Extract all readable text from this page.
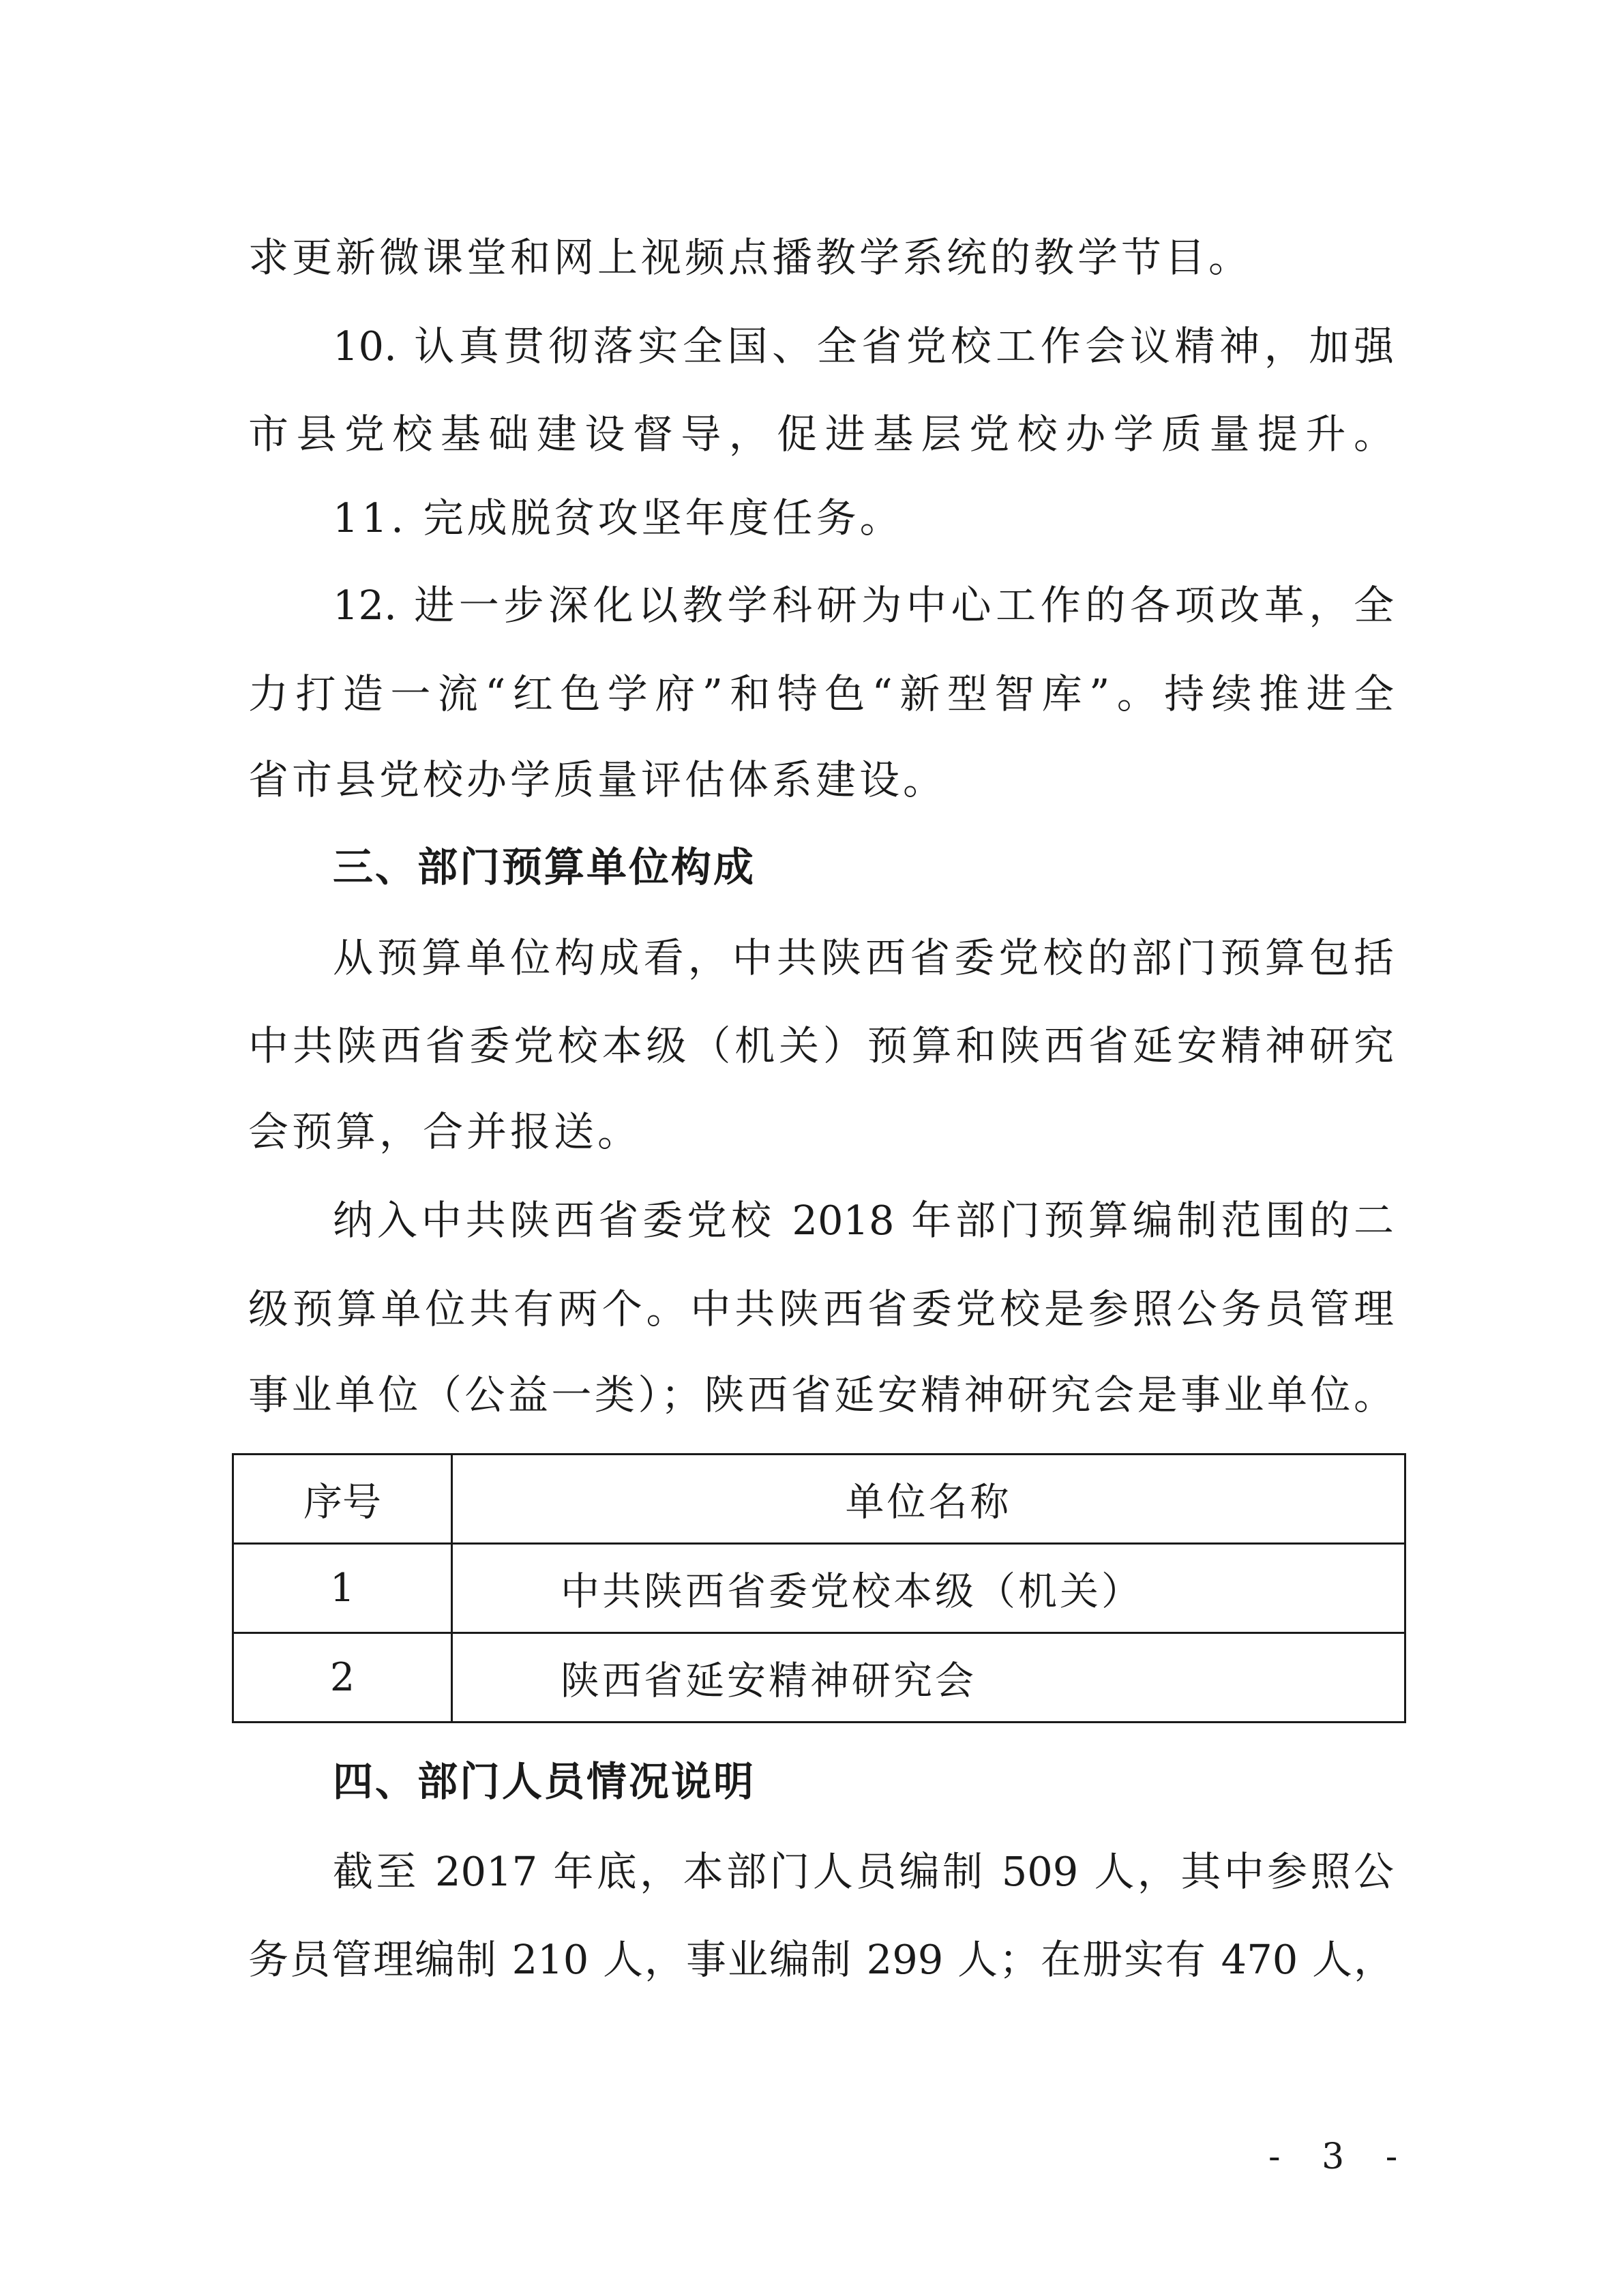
求更新微课堂和网上视频点播教学系统的教学节目。
10. 认真贯彻落实全国、全省党校工作会议精神，加强
市县党校基础建设督导，促进基层党校办学质量提升。
11. 完成脱贫攻坚年度任务。
12. 进一步深化以教学科研为中心工作的各项改革，全
力打造一流“红色学府”和特色“新型智库”。持续推进全
省市县党校办学质量评估体系建设。
三、部门预算单位构成
从预算单位构成看，中共陕西省委党校的部门预算包括
中共陕西省委党校本级（机关）预算和陕西省延安精神研究
会预算，合并报送。
纳入中共陕西省委党校 2018 年部门预算编制范围的二
级预算单位共有两个。中共陕西省委党校是参照公务员管理
事业单位（公益一类）；陕西省延安精神研究会是事业单位。
序号	单位名称
1	中共陕西省委党校本级（机关）
2	陕西省延安精神研究会
四、部门人员情况说明
截至 2017 年底，本部门人员编制 509 人，其中参照公
务员管理编制 210 人，事业编制 299 人；在册实有 470 人，
- 3 -
